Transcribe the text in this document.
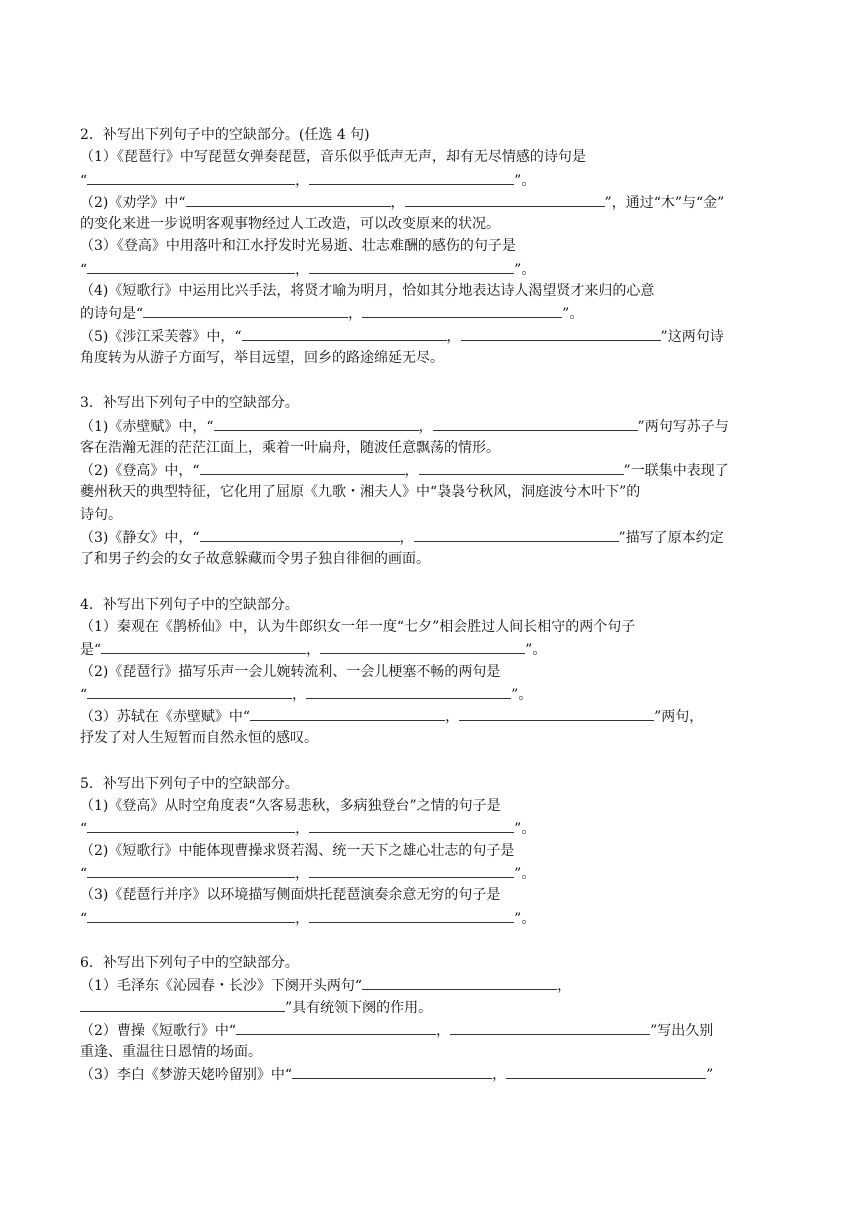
2．补写出下列句子中的空缺部分。(任选 4 句)
（1）《琵琶行》中写琵琶女弹奏琵琶，音乐似乎低声无声，却有无尽情感的诗句是
“	，	”。
（2)《劝学》中“	，	”，通过“木”与“金”
的变化来进一步说明客观事物经过人工改造，可以改变原来的状况。
（3）《登高》中用落叶和江水抒发时光易逝、壮志难酬的感伤的句子是
“	，	”。
（4)《短歌行》中运用比兴手法，将贤才喻为明月，恰如其分地表达诗人渴望贤才来归的心意
的诗句是“	，	”。
（5)《涉江采芙蓉》中，“	，	”这两句诗
角度转为从游子方面写，举目远望，回乡的路途绵延无尽。
3．补写出下列句子中的空缺部分。
（1)《赤壁赋》中，“	，	”两句写苏子与
客在浩瀚无涯的茫茫江面上，乘着一叶扁舟，随波任意飘荡的情形。
（2)《登高》中，“	，	”一联集中表现了
夔州秋天的典型特征，它化用了屈原《九歌・湘夫人》中“袅袅兮秋风，洞庭波兮木叶下”的
诗句。
（3)《静女》中，“	，	”描写了原本约定
了和男子约会的女子故意躲藏而令男子独自徘徊的画面。
4．补写出下列句子中的空缺部分。
（1）秦观在《鹊桥仙》中，认为牛郎织女一年一度“七夕”相会胜过人间长相守的两个句子
是“	，	”。
（2)《琵琶行》描写乐声一会儿婉转流利、一会儿梗塞不畅的两句是
“	，	”。
（3）苏轼在《赤壁赋》中“	，	”两句，
抒发了对人生短暂而自然永恒的感叹。
5．补写出下列句子中的空缺部分。
（1)《登高》从时空角度表“久客易悲秋，多病独登台”之情的句子是
“	，	”。
（2)《短歌行》中能体现曹操求贤若渴、统一天下之雄心壮志的句子是
“	，	”。
（3)《琵琶行并序》以环境描写侧面烘托琵琶演奏余意无穷的句子是
“	，	”。
6．补写出下列句子中的空缺部分。
（1）毛泽东《沁园春・长沙》下阕开头两句“	，
”具有统领下阕的作用。
（2）曹操《短歌行》中“	，	”写出久别
重逢、重温往日恩情的场面。
（3）李白《梦游天姥吟留别》中“	，	”
